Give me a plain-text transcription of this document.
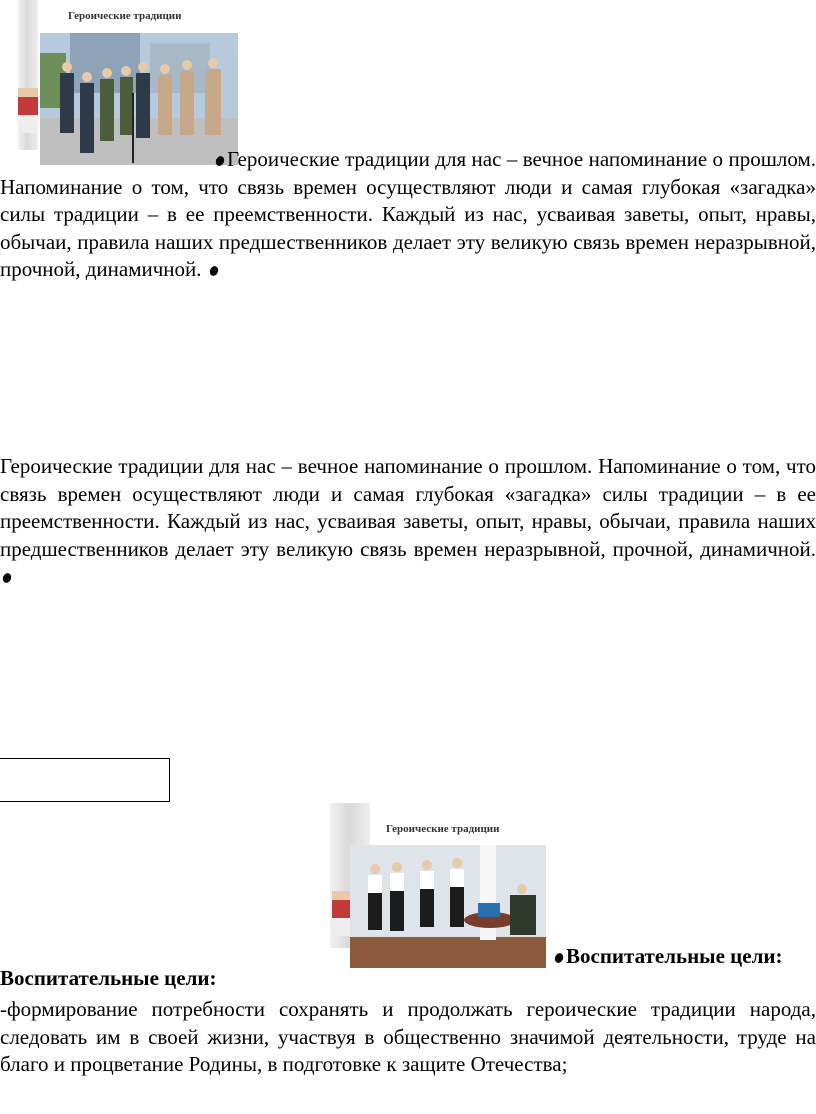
Героические традиции

Героические традиции для нас – вечное напоминание о прошлом. Напоминание о том, что связь времен осуществляют люди и самая глубокая «загадка» силы традиции – в ее преемственности. Каждый из нас, усваивая заветы, опыт, нравы, обычаи, правила наших предшественников делает эту великую связь времен неразрывной, прочной, динамичной.

Героические традиции для нас – вечное напоминание о прошлом. Напоминание о том, что связь времен осуществляют люди и самая глубокая «загадка» силы традиции – в ее преемственности. Каждый из нас, усваивая заветы, опыт, нравы, обычаи, правила наших предшественников делает эту великую связь времен неразрывной, прочной, динамичной.

Героические традиции
Воспитательные цели:
Воспитательные цели:

-формирование потребности сохранять и продолжать героические традиции народа, следовать им в своей жизни, участвуя в общественно значимой деятельности, труде на благо и процветание Родины, в подготовке к защите Отечества;
